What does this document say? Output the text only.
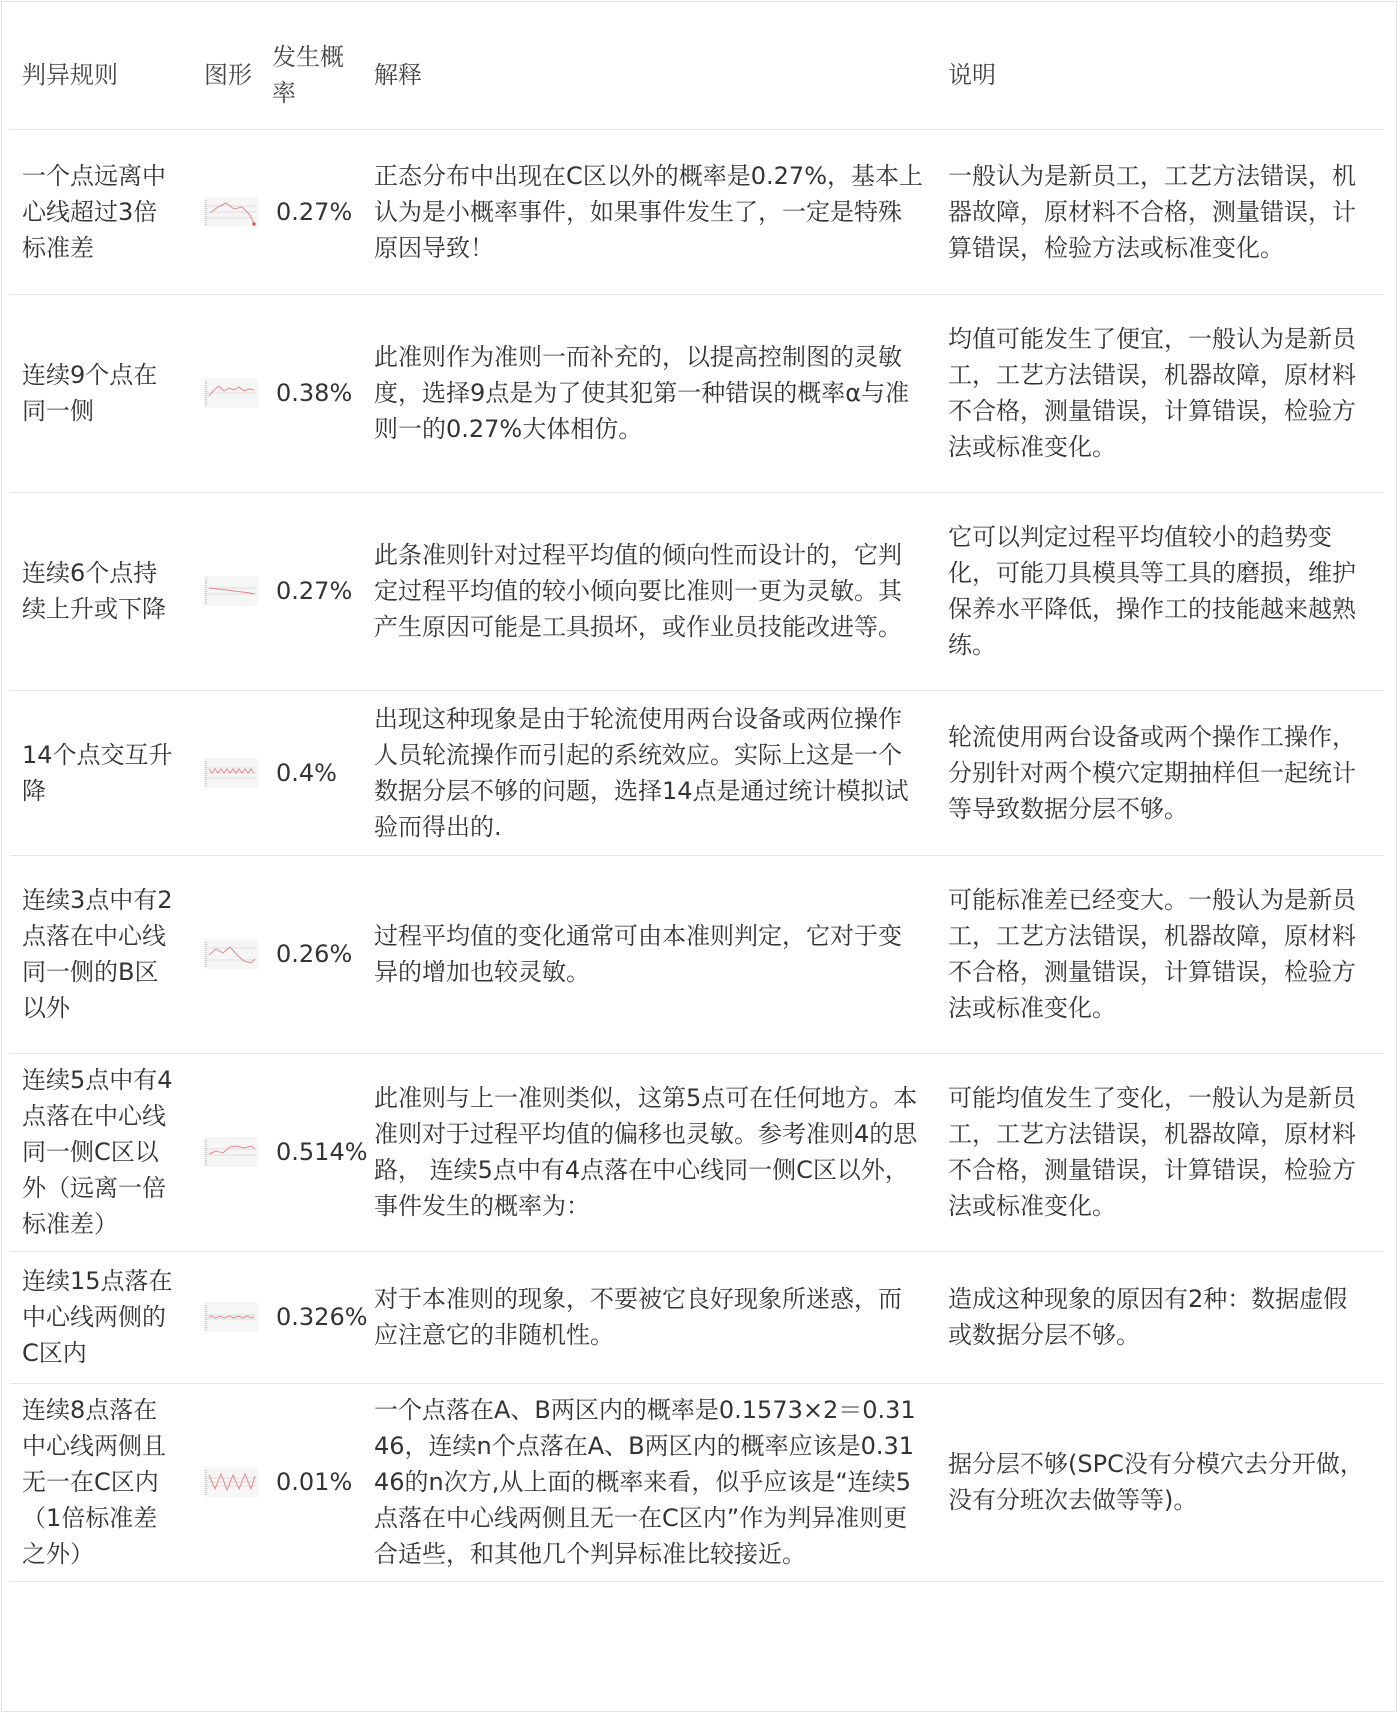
判异规则	图形	发生概率	解释	说明
一个点远离中心线超过3倍标准差		0.27%	正态分布中出现在C区以外的概率是0.27%，基本上认为是小概率事件，如果事件发生了，一定是特殊原因导致！	一般认为是新员工，工艺方法错误，机器故障，原材料不合格，测量错误，计算错误，检验方法或标准变化。
连续9个点在同一侧		0.38%	此准则作为准则一而补充的，以提高控制图的灵敏度，选择9点是为了使其犯第一种错误的概率α与准则一的0.27%大体相仿。	均值可能发生了便宜，一般认为是新员工，工艺方法错误，机器故障，原材料不合格，测量错误，计算错误，检验方法或标准变化。
连续6个点持续上升或下降		0.27%	此条准则针对过程平均值的倾向性而设计的，它判定过程平均值的较小倾向要比准则一更为灵敏。其产生原因可能是工具损坏，或作业员技能改进等。	它可以判定过程平均值较小的趋势变化，可能刀具模具等工具的磨损，维护保养水平降低，操作工的技能越来越熟练。
14个点交互升降		0.4%	出现这种现象是由于轮流使用两台设备或两位操作人员轮流操作而引起的系统效应。实际上这是一个数据分层不够的问题，选择14点是通过统计模拟试验而得出的.	轮流使用两台设备或两个操作工操作，分别针对两个模穴定期抽样但一起统计等导致数据分层不够。
连续3点中有2点落在中心线同一侧的B区以外		0.26%	过程平均值的变化通常可由本准则判定，它对于变异的增加也较灵敏。	可能标准差已经变大。一般认为是新员工，工艺方法错误，机器故障，原材料不合格，测量错误，计算错误，检验方法或标准变化。
连续5点中有4点落在中心线同一侧C区以外（远离一倍标准差）		0.514%	此准则与上一准则类似，这第5点可在任何地方。本准则对于过程平均值的偏移也灵敏。参考准则4的思路， 连续5点中有4点落在中心线同一侧C区以外，事件发生的概率为：	可能均值发生了变化，一般认为是新员工，工艺方法错误，机器故障，原材料不合格，测量错误，计算错误，检验方法或标准变化。
连续15点落在中心线两侧的C区内		0.326%	对于本准则的现象，不要被它良好现象所迷惑，而应注意它的非随机性。	造成这种现象的原因有2种：数据虚假或数据分层不够。
连续8点落在中心线两侧且无一在C区内（1倍标准差之外）		0.01%	一个点落在A、B两区内的概率是0.1573×2＝0.3146，连续n个点落在A、B两区内的概率应该是0.3146的n次方,从上面的概率来看，似乎应该是“连续5点落在中心线两侧且无一在C区内”作为判异准则更合适些，和其他几个判异标准比较接近。	据分层不够(SPC没有分模穴去分开做，没有分班次去做等等)。
